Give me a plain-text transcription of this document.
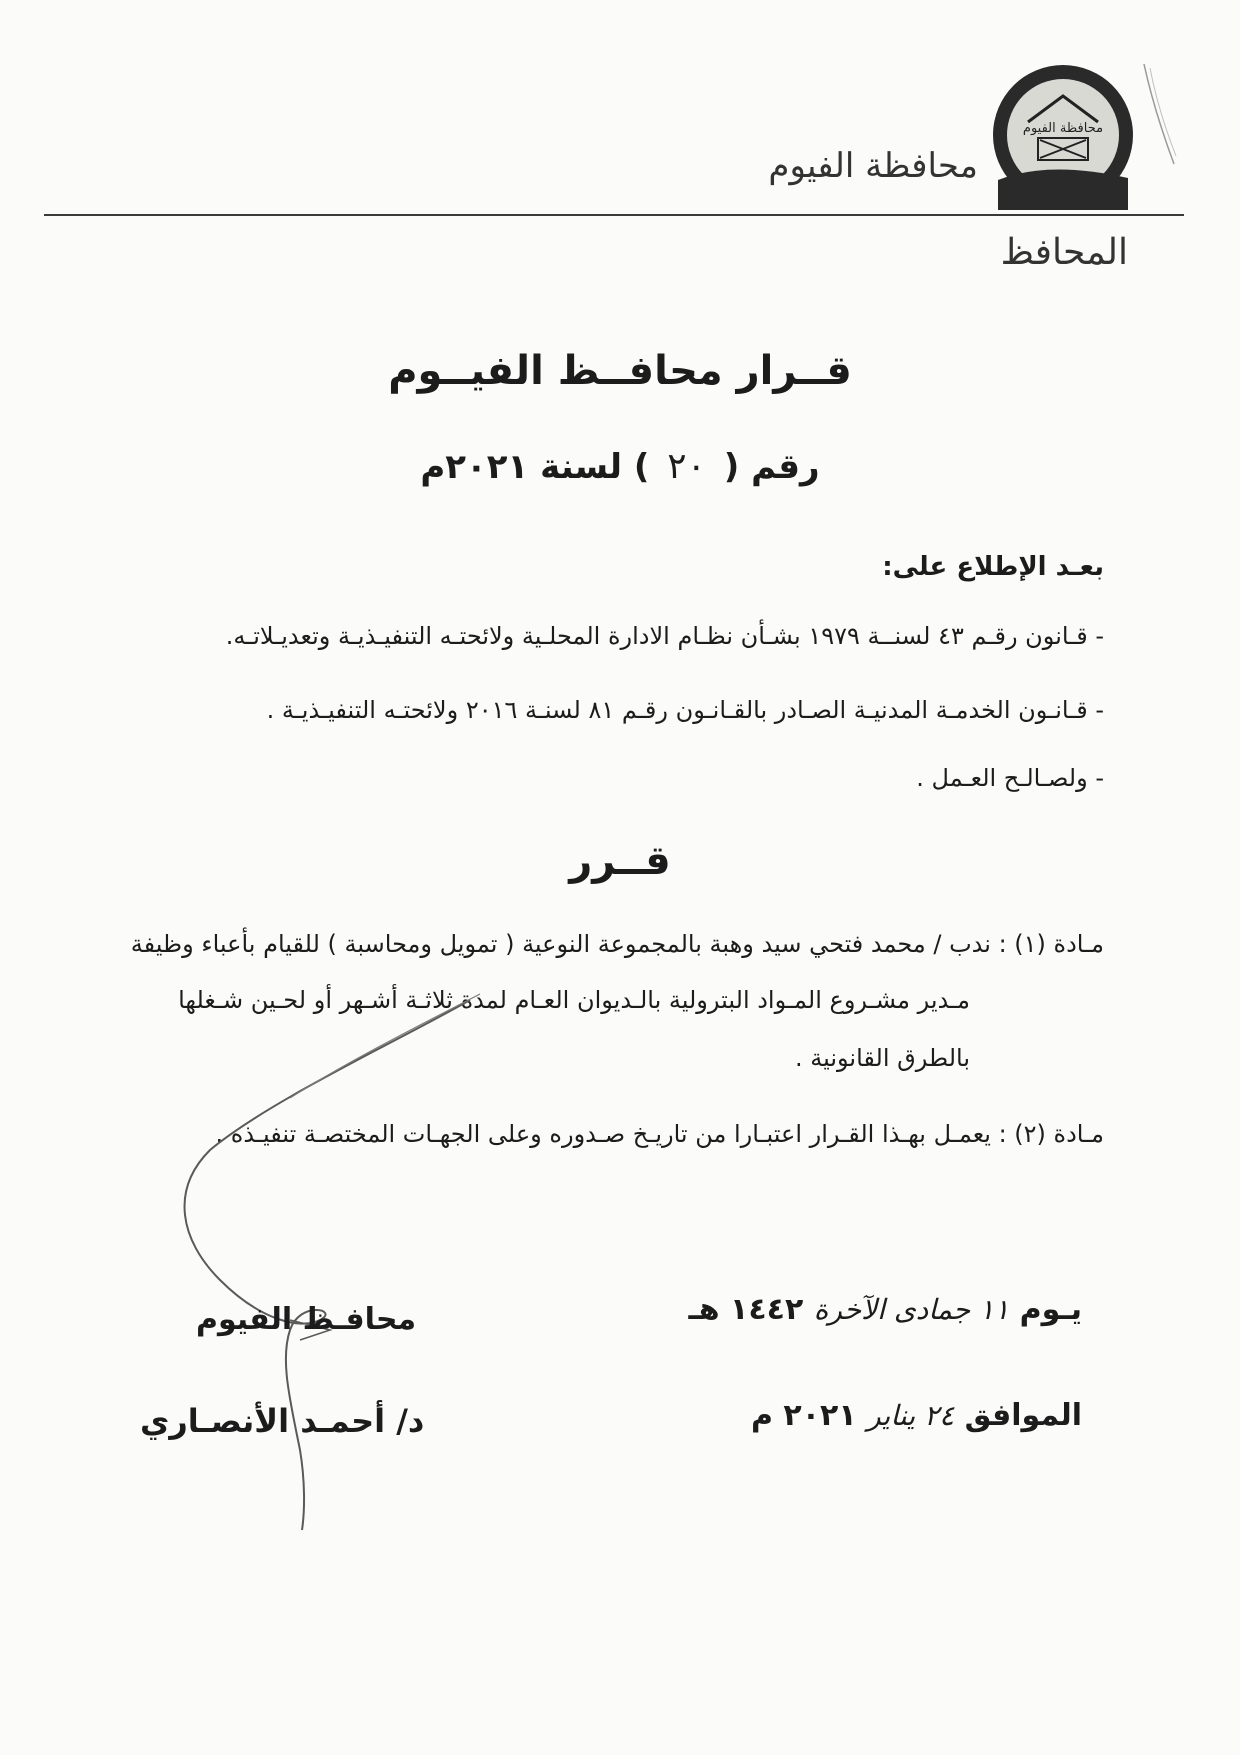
محافظة الفيوم
محافظة الفيوم
المحافظ
قــرار محافــظ الفيــوم
رقم ( ٢٠ ) لسنة ٢٠٢١م
بعـد الإطلاع على:
- قـانون رقـم ٤٣ لسنــة ١٩٧٩ بشـأن نظـام الادارة المحلـية ولائحتـه التنفيـذيـة وتعديـلاتـه.
- قـانـون الخدمـة المدنيـة الصـادر بالقـانـون رقـم ٨١ لسنـة ٢٠١٦ ولائحتـه التنفيـذيـة .
- ولصـالـح العـمل .
قــرر
مـادة (١) : ندب / محمد فتحي سيد وهبة بالمجموعة النوعية ( تمويل ومحاسبة ) للقيام بأعباء وظيفة
مـدير مشـروع المـواد البترولية بالـديوان العـام لمدة ثلاثـة أشـهر أو لحـين شـغلها
بالطرق القانونية .
مـادة (٢) : يعمـل بهـذا القـرار اعتبـارا من تاريـخ صـدوره وعلى الجهـات المختصـة تنفيـذه .
محافـظ الفيوم
د/ أحمـد الأنصـاري
يـوم ١١ جمادى الآخرة ١٤٤٢ هـ
الموافق ٢٤ يناير ٢٠٢١ م
